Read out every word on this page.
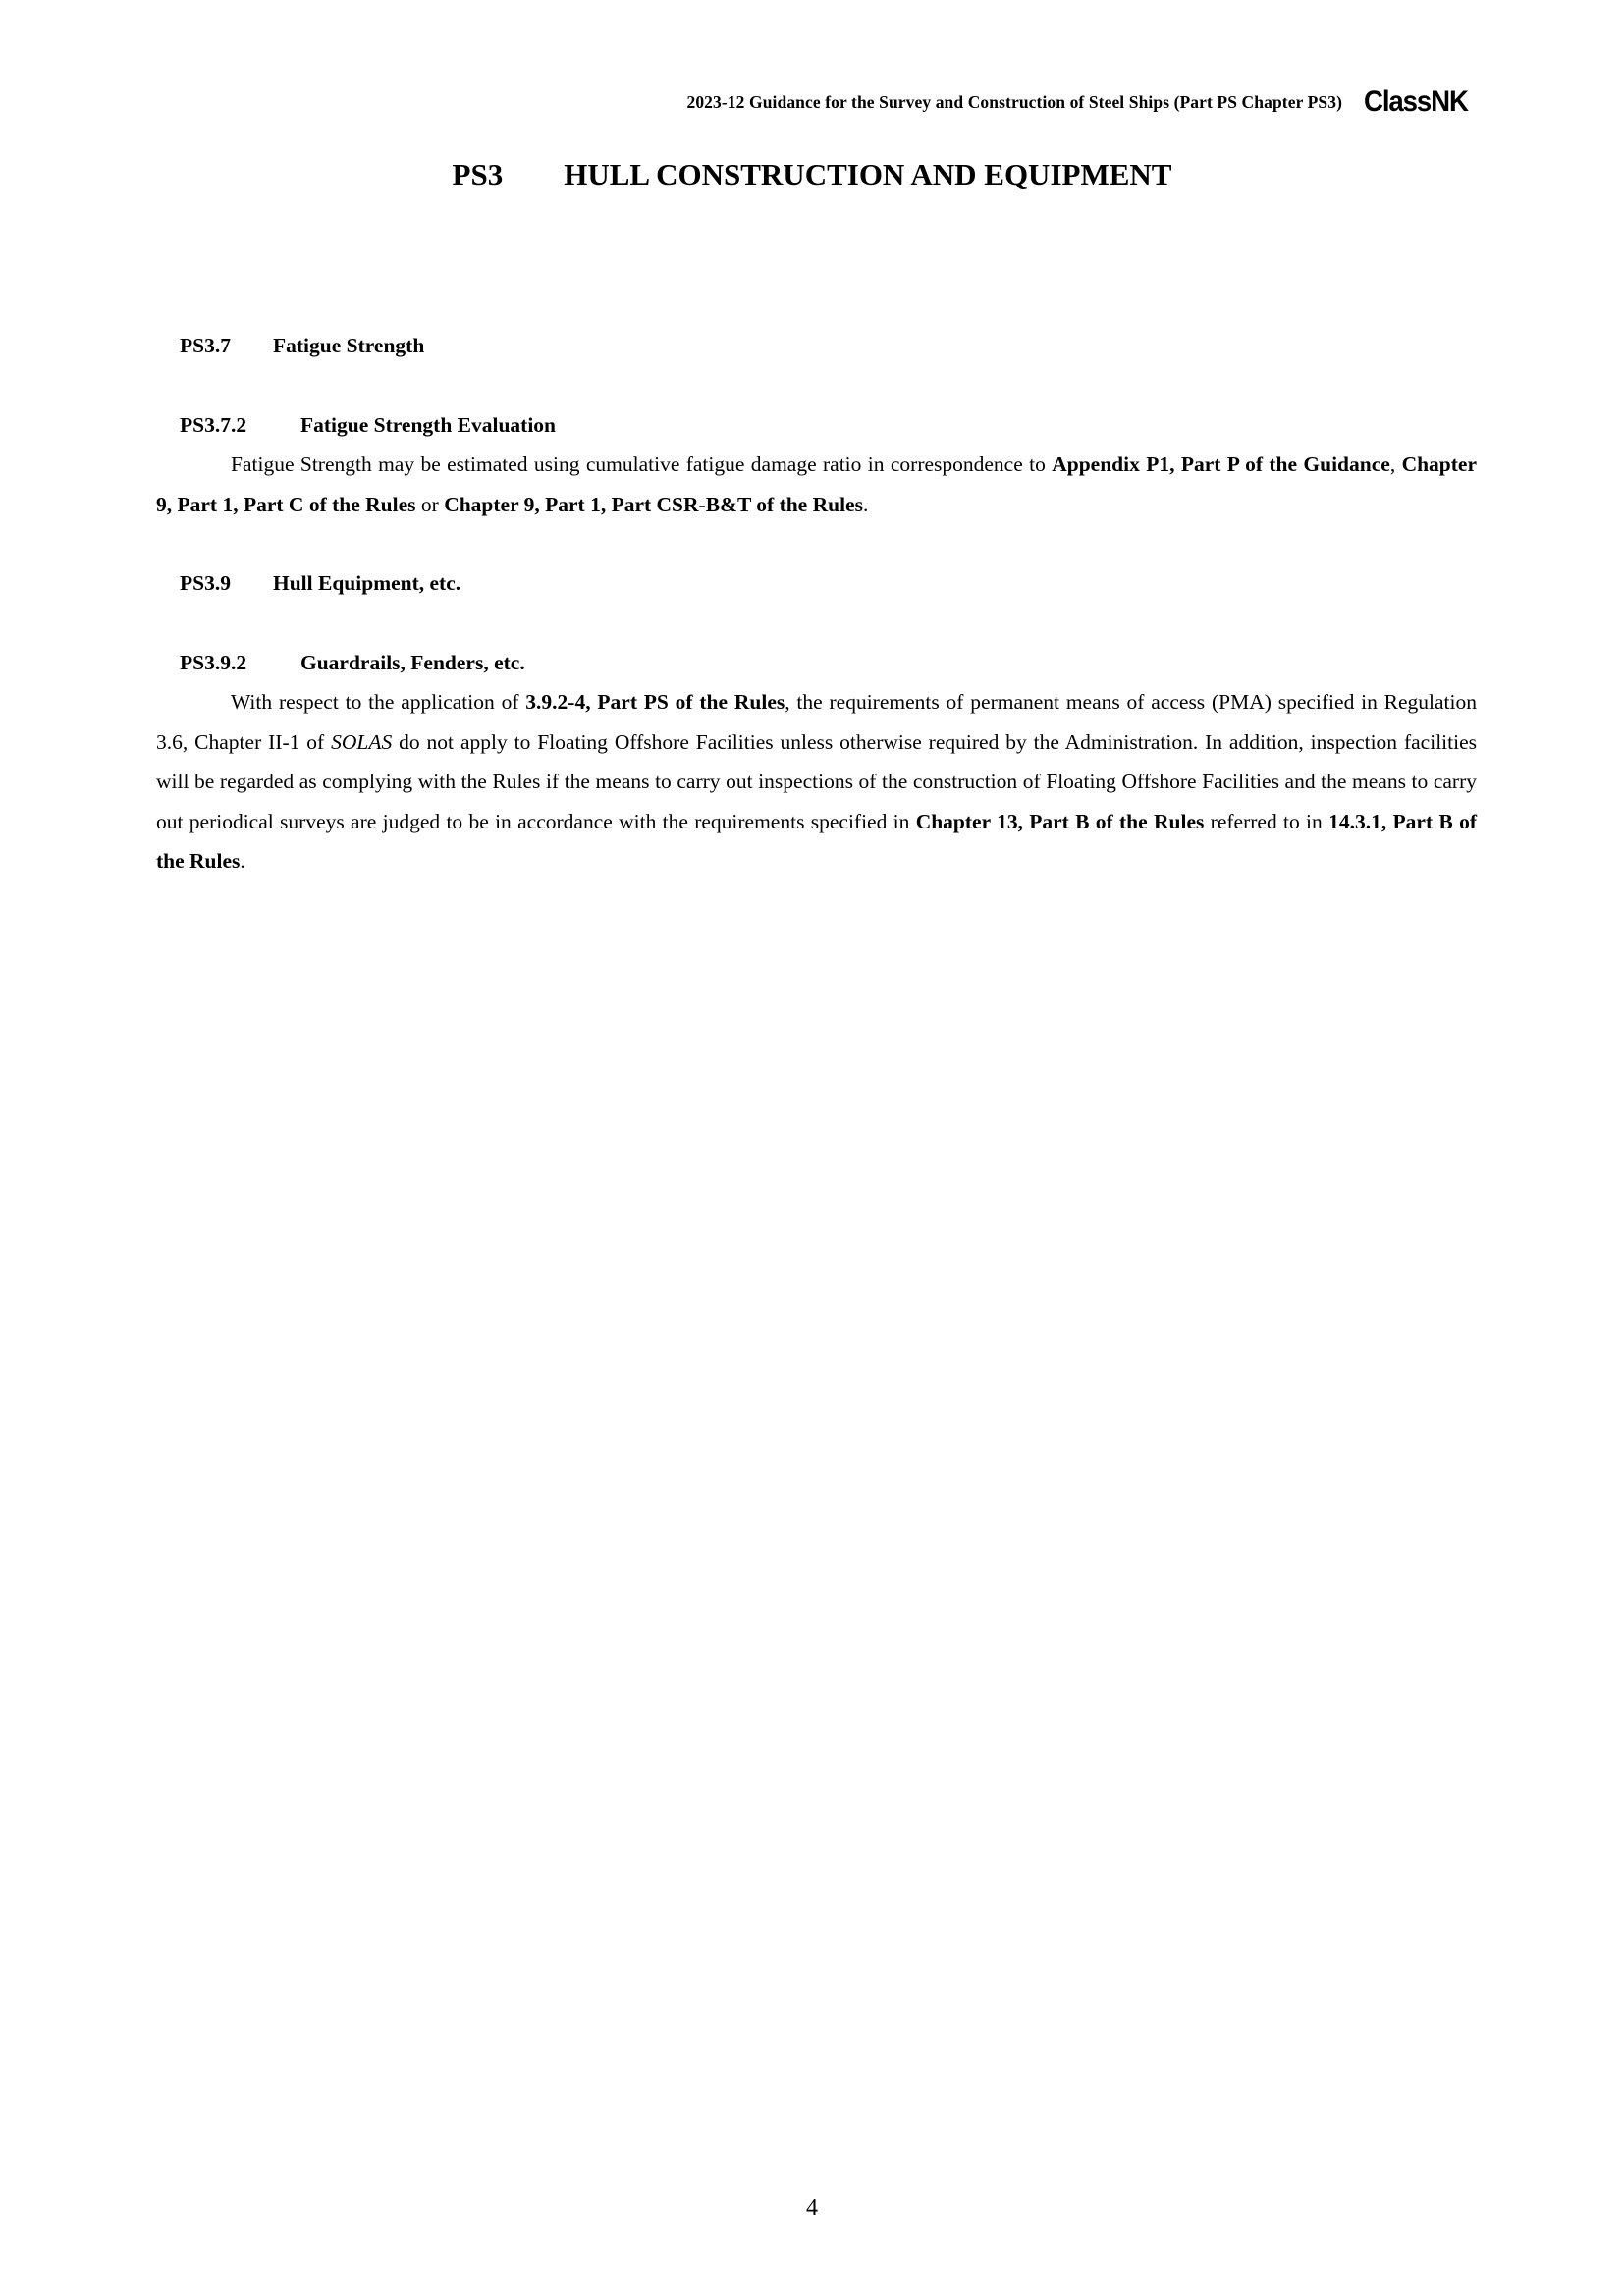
2023-12 Guidance for the Survey and Construction of Steel Ships (Part PS Chapter PS3) ClassNK
PS3 HULL CONSTRUCTION AND EQUIPMENT
PS3.7	Fatigue Strength
PS3.7.2	Fatigue Strength Evaluation
Fatigue Strength may be estimated using cumulative fatigue damage ratio in correspondence to Appendix P1, Part P of the Guidance, Chapter 9, Part 1, Part C of the Rules or Chapter 9, Part 1, Part CSR-B&T of the Rules.
PS3.9	Hull Equipment, etc.
PS3.9.2	Guardrails, Fenders, etc.
With respect to the application of 3.9.2-4, Part PS of the Rules, the requirements of permanent means of access (PMA) specified in Regulation 3.6, Chapter II-1 of SOLAS do not apply to Floating Offshore Facilities unless otherwise required by the Administration. In addition, inspection facilities will be regarded as complying with the Rules if the means to carry out inspections of the construction of Floating Offshore Facilities and the means to carry out periodical surveys are judged to be in accordance with the requirements specified in Chapter 13, Part B of the Rules referred to in 14.3.1, Part B of the Rules.
4
